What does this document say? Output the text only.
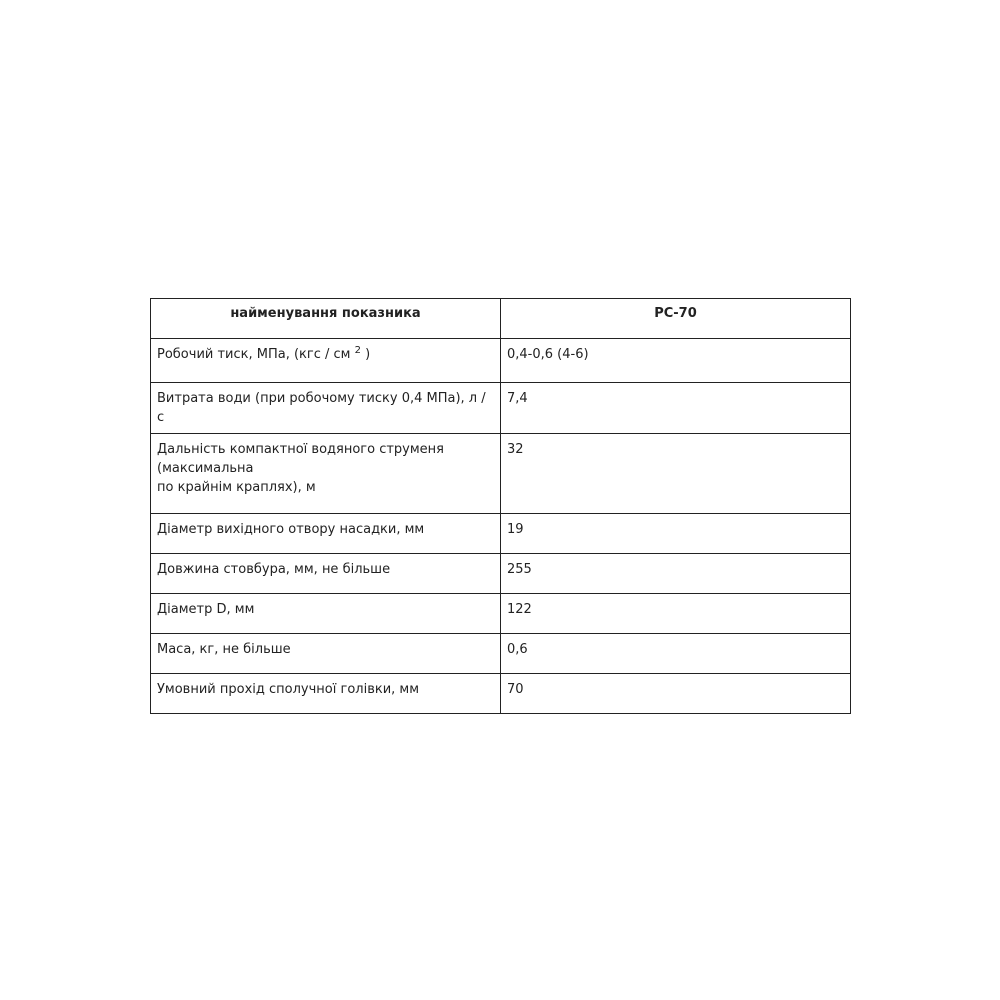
найменування показника	РС-70
Робочий тиск, МПа, (кгс / см $^2$ )	0,4-0,6 (4-6)
Витрата води (при робочому тиску 0,4 МПа), л / с	7,4
Дальність компактної водяного струменя
(максимальна
по крайнім краплях), м	32
Діаметр вихідного отвору насадки, мм	19
Довжина стовбура, мм, не більше	255
Діаметр D, мм	122
Маса, кг, не більше	0,6
Умовний прохід сполучної голівки, мм	70
